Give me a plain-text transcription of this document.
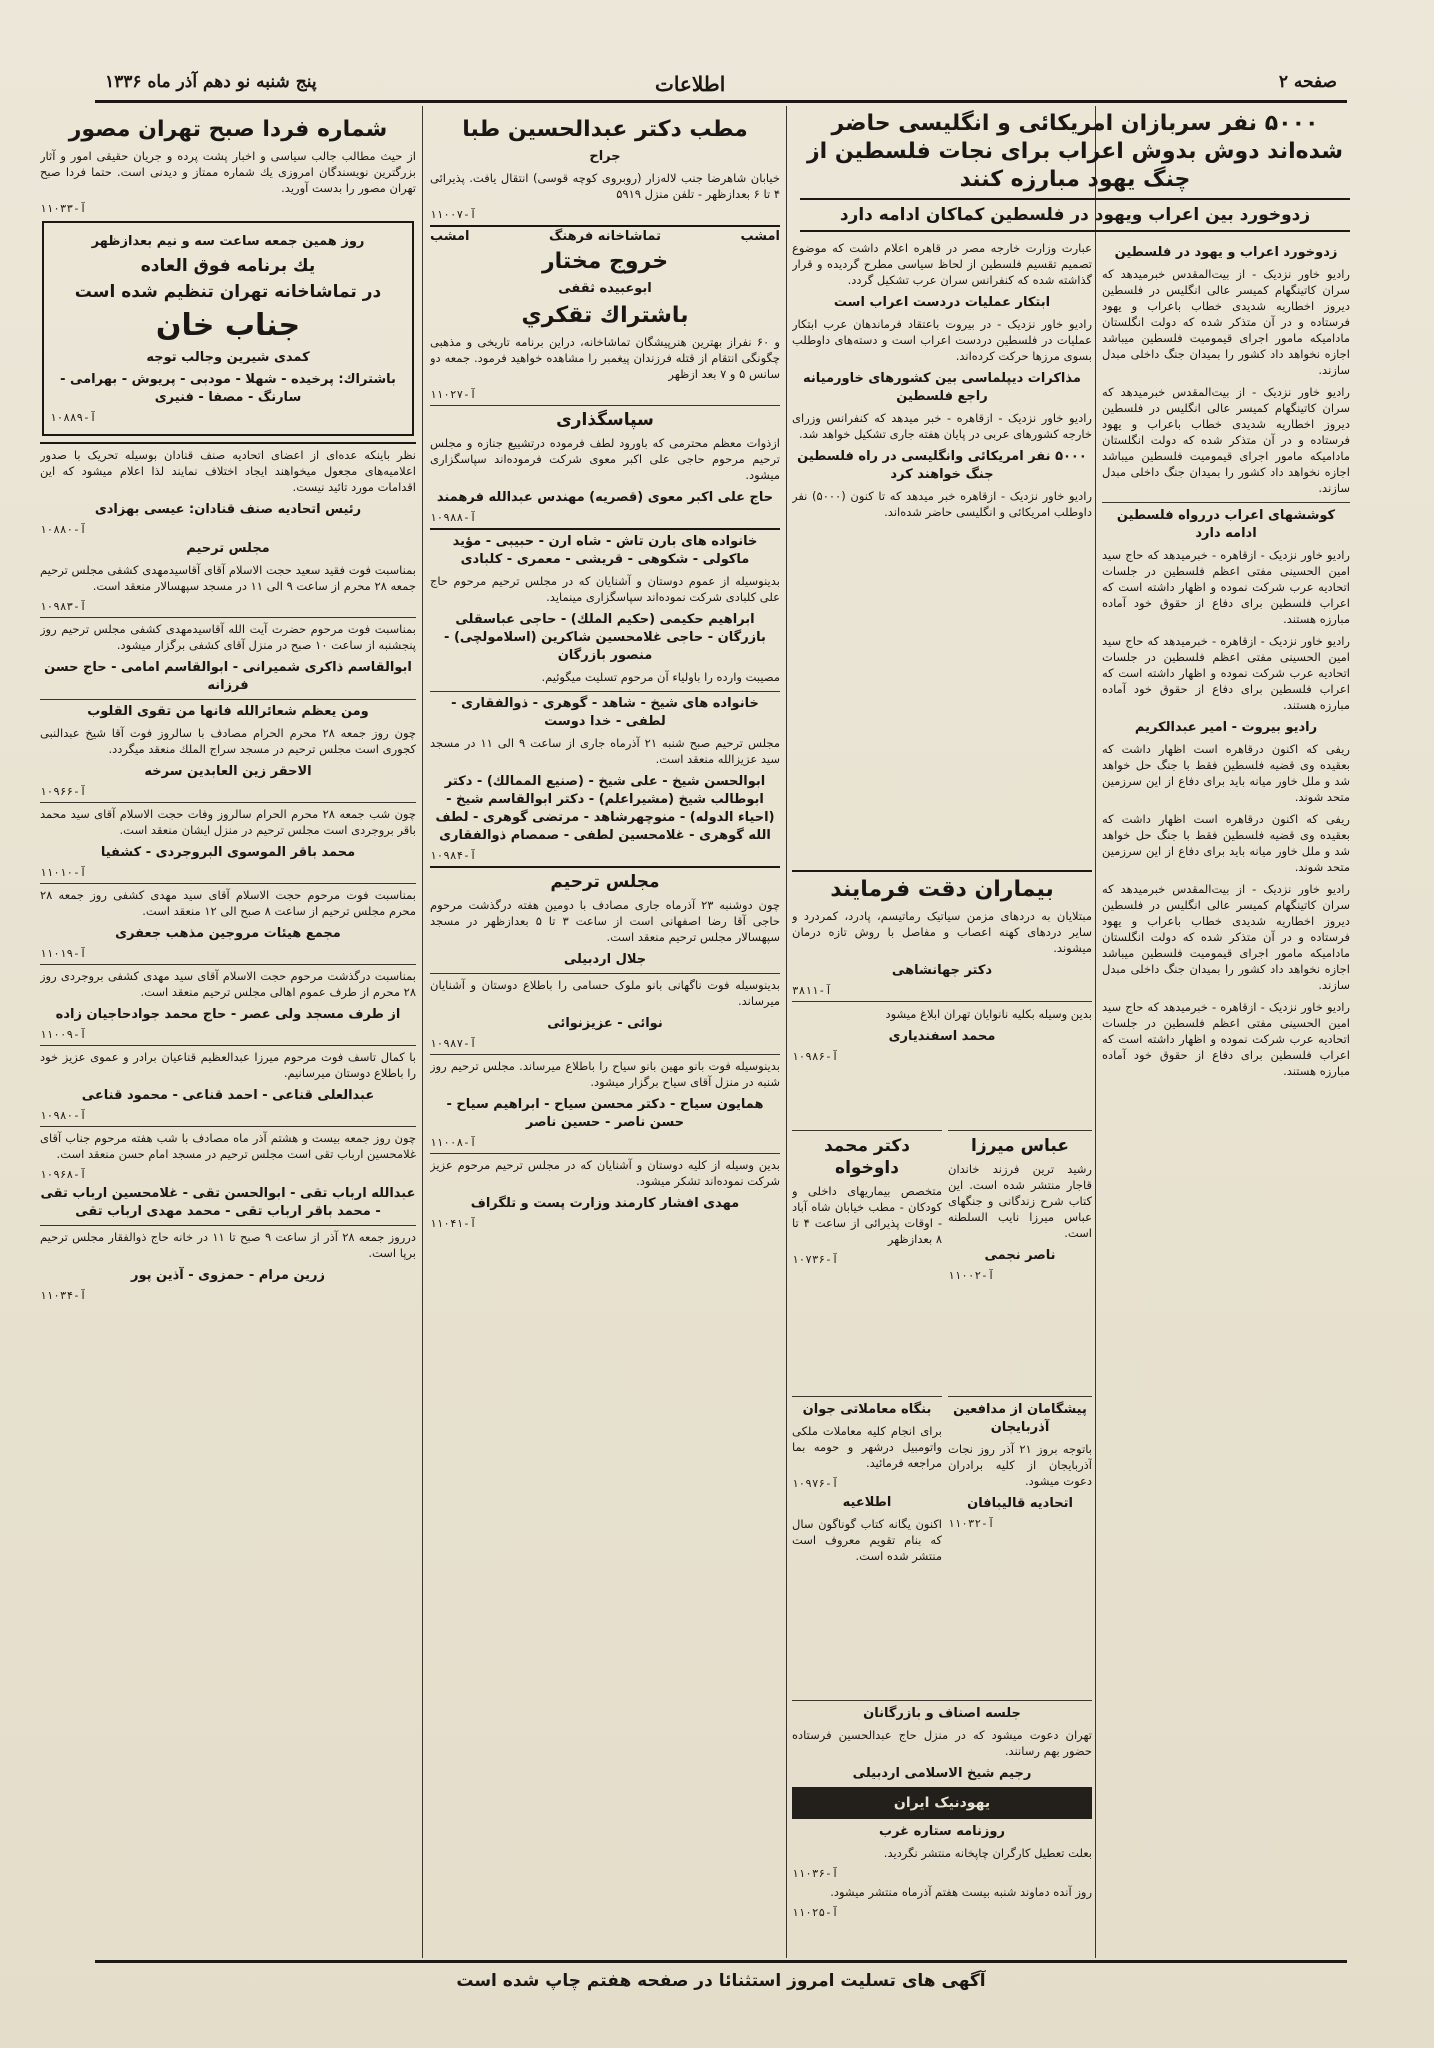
صفحه ۲
اطلاعات
پنج شنبه نو دهم آذر ماه ۱۳۳۶
۵۰۰۰ نفر سربازان امریکائی و انگلیسی حاضر شده‌اند دوش بدوش اعراب برای نجات فلسطین از چنگ یهود مبارزه کنند
زدوخورد بین اعراب ویهود در فلسطین کماکان ادامه دارد
زدوخورد اعراب و یهود در فلسطین

رادیو خاور نزدیک - از بیت‌المقدس خبرمیدهد که سران کاتینگهام کمیسر عالی انگلیس در فلسطین دیروز اخطاریه شدیدی خطاب باعراب و یهود فرستاده و در آن متذکر شده که دولت انگلستان مادامیکه مامور اجرای قیمومیت فلسطین میباشد اجازه نخواهد داد کشور را بمیدان جنگ داخلی مبدل سازند.

رادیو خاور نزدیک - از بیت‌المقدس خبرمیدهد که سران کاتینگهام کمیسر عالی انگلیس در فلسطین دیروز اخطاریه شدیدی خطاب باعراب و یهود فرستاده و در آن متذکر شده که دولت انگلستان مادامیکه مامور اجرای قیمومیت فلسطین میباشد اجازه نخواهد داد کشور را بمیدان جنگ داخلی مبدل سازند.

کوششهای اعراب دررواه فلسطین ادامه دارد

رادیو خاور نزدیک - ازقاهره - خبرمیدهد که حاج سید امین الحسینی مفتی اعظم فلسطین در جلسات اتحادیه عرب شرکت نموده و اظهار داشته است که اعراب فلسطین برای دفاع از حقوق خود آماده مبارزه هستند.

رادیو خاور نزدیک - ازقاهره - خبرمیدهد که حاج سید امین الحسینی مفتی اعظم فلسطین در جلسات اتحادیه عرب شرکت نموده و اظهار داشته است که اعراب فلسطین برای دفاع از حقوق خود آماده مبارزه هستند.

رادیو بیروت - امیر عبدالکریم

ریفی که اکنون درقاهره است اظهار داشت که بعقیده وی قضیه فلسطین فقط با جنگ حل خواهد شد و ملل خاور میانه باید برای دفاع از این سرزمین متحد شوند.

ریفی که اکنون درقاهره است اظهار داشت که بعقیده وی قضیه فلسطین فقط با جنگ حل خواهد شد و ملل خاور میانه باید برای دفاع از این سرزمین متحد شوند.

رادیو خاور نزدیک - از بیت‌المقدس خبرمیدهد که سران کاتینگهام کمیسر عالی انگلیس در فلسطین دیروز اخطاریه شدیدی خطاب باعراب و یهود فرستاده و در آن متذکر شده که دولت انگلستان مادامیکه مامور اجرای قیمومیت فلسطین میباشد اجازه نخواهد داد کشور را بمیدان جنگ داخلی مبدل سازند.

رادیو خاور نزدیک - ازقاهره - خبرمیدهد که حاج سید امین الحسینی مفتی اعظم فلسطین در جلسات اتحادیه عرب شرکت نموده و اظهار داشته است که اعراب فلسطین برای دفاع از حقوق خود آماده مبارزه هستند.

عبارت وزارت خارجه مصر در قاهره اعلام داشت که موضوع تصمیم تقسیم فلسطین از لحاظ سیاسی مطرح گردیده و قرار گذاشته شده که کنفرانس سران عرب تشکیل گردد.

ابتکار عملیات دردست اعراب است

رادیو خاور نزدیک - در بیروت باعتقاد فرماندهان عرب ابتکار عملیات در فلسطین دردست اعراب است و دسته‌های داوطلب بسوی مرزها حرکت کرده‌اند.

مذاکرات دیپلماسی بین کشورهای خاورمیانه راجع فلسطین

رادیو خاور نزدیک - ازقاهره - خبر میدهد که کنفرانس وزرای خارجه کشورهای عربی در پایان هفته جاری تشکیل خواهد شد.

۵۰۰۰ نفر امریکائی وانگلیسی در راه فلسطین جنگ خواهند کرد

رادیو خاور نزدیک - ازقاهره خبر میدهد که تا کنون (۵۰۰۰) نفر داوطلب امریکائی و انگلیسی حاضر شده‌اند.

بیماران دقت فرمایند

مبتلایان به دردهای مزمن سیاتیک رماتیسم، پادرد، کمردرد و سایر دردهای کهنه اعصاب و مفاصل با روش تازه درمان میشوند.

دکتر جهانشاهی

۳۸۱۱-آ

بدین وسیله بکلیه نانوایان تهران ابلاغ میشود

محمد اسفندیاری

آ-۱۰۹۸۶

دکتر محمد داوخواه

متخصص بیماریهای داخلی و کودکان - مطب خیابان شاه آباد - اوقات پذیرائی از ساعت ۴ تا ۸ بعدازظهر

آ-۱۰۷۳۶

عباس میرزا

رشید ترین فرزند خاندان قاجار منتشر شده است. این کتاب شرح زندگانی و جنگهای عباس میرزا نایب السلطنه است.

ناصر نجمی

آ-۱۱۰۰۲

بنگاه معاملاتی جوان

برای انجام کلیه معاملات ملکی واتومبیل درشهر و حومه بما مراجعه فرمائید.

آ-۱۰۹۷۶

اطلاعیه

اکنون یگانه کتاب گوناگون سال که بنام تقویم معروف است منتشر شده است.

پیشگامان از مدافعین آذربایجان

باتوجه بروز ۲۱ آذر روز نجات آذربایجان از کلیه برادران دعوت میشود.

اتحادیه قالیبافان

آ-۱۱۰۳۲

جلسه اصناف و بازرگانان

تهران دعوت میشود که در منزل حاج عبدالحسین فرستاده حضور بهم رسانند.

رجیم شیخ الاسلامی اردبیلی
یهودنیک ایران
روزنامه ستاره غرب

بعلت تعطیل کارگران چاپخانه منتشر نگردید.

آ-۱۱۰۳۶

روز آنده دماوند شنبه بیست هفتم آذرماه منتشر میشود.

آ-۱۱۰۲۵

مطب دکتر عبدالحسین طبا
جراح

خیابان شاهرضا جنب لاله‌زار (روبروی کوچه قوسی) انتقال یافت. پذیرائی ۴ تا ۶ بعدازظهر - تلفن منزل ۵۹۱۹

آ-۱۱۰۰۷

امشب
تماشاخانه فرهنگ
امشب
خروج مختار
ابوعبیده ثقفی
باشتراك تقكري

و ۶۰ نفراز بهترین هنرپیشگان تماشاخانه، دراین برنامه تاریخی و مذهبی چگونگی انتقام از قتله فرزندان پیغمبر را مشاهده خواهید فرمود. جمعه دو سانس ۵ و ۷ بعد ازظهر

آ-۱۱۰۲۷

سپاسگذاری

ازذوات معظم محترمی که باورود لطف فرموده درتشییع جنازه و مجلس ترحیم مرحوم حاجی علی اکبر معوی شرکت فرموده‌اند سپاسگزاری میشود.

حاج علی اکبر معوی (قصریه) مهندس عبدالله فرهمند

آ-۱۰۹۸۸

خانواده های بارن تاش - شاه ارن - حبیبی - مؤید ماکولی - شکوهی - قریشی - معمری - کلبادی

بدینوسیله از عموم دوستان و آشنایان که در مجلس ترحیم مرحوم حاج علی کلبادی شرکت نموده‌اند سپاسگزاری مینماید.

ابراهیم حکیمی (حکیم الملك) - حاجی عباسقلی بازرگان - حاجی غلامحسین شاکرین (اسلامولچی) - منصور بازرگان

مصیبت وارده را باولیاء آن مرحوم تسلیت میگوئیم.

خانواده های شیخ - شاهد - گوهری - ذوالفقاری - لطفی - خدا دوست

مجلس ترحیم صبح شنبه ۲۱ آذرماه جاری از ساعت ۹ الی ۱۱ در مسجد سید عزیزالله منعقد است.

ابوالحسن شیخ - علی شیخ - (صنیع الممالك) - دکتر ابوطالب شیخ (مشیراعلم) - دکتر ابوالقاسم شیخ - (احیاء الدوله) - منوچهرشاهد - مرتضی گوهری - لطف الله گوهری - غلامحسین لطفی - صمصام ذوالفقاری

آ-۱۰۹۸۴

مجلس ترحیم

چون دوشنبه ۲۳ آذرماه جاری مصادف با دومین هفته درگذشت مرحوم حاجی آقا رضا اصفهانی است از ساعت ۳ تا ۵ بعدازظهر در مسجد سپهسالار مجلس ترحیم منعقد است.

جلال اردبیلی

بدینوسیله فوت ناگهانی بانو ملوک حسامی را باطلاع دوستان و آشنایان میرساند.

نوائی - عزیزنوائی

آ-۱۰۹۸۷

بدینوسیله فوت بانو مهین بانو سیاح را باطلاع میرساند. مجلس ترحیم روز شنبه در منزل آقای سیاح برگزار میشود.

همایون سیاح - دکتر محسن سیاح - ابراهیم سیاح - حسن ناصر - حسین ناصر

آ-۱۱۰۰۸

بدین وسیله از کلیه دوستان و آشنایان که در مجلس ترحیم مرحوم عزیز شرکت نموده‌اند تشکر میشود.

مهدی افشار کارمند وزارت پست و تلگراف

آ-۱۱۰۴۱

شماره فردا صبح تهران مصور

از حیث مطالب جالب سیاسی و اخبار پشت پرده و جریان حقیقی امور و آثار بزرگترین نویسندگان امروزی یك شماره ممتاز و دیدنی است. حتما فردا صبح تهران مصور را بدست آورید.

آ-۱۱۰۳۳

روز همین جمعه ساعت سه و نیم بعدازظهر
یك برنامه فوق العاده
در تماشاخانه تهران تنظیم شده است
جناب خان
کمدی شیرین وجالب توجه
باشتراك: پرخیده - شهلا - مودبی - پریوش - بهرامی - سارنگ - مصفا - فنیری

آ-۱۰۸۸۹

نظر باینکه عده‌ای از اعضای اتحادیه صنف قنادان بوسیله تحریک با صدور اعلامیه‌های مجعول میخواهند ایجاد اختلاف نمایند لذا اعلام میشود که این اقدامات مورد تائید نیست.

رئیس اتحادیه صنف قنادان: عیسی بهزادی

آ-۱۰۸۸۰

مجلس ترحیم

بمناسبت فوت فقید سعید حجت الاسلام آقای آقاسیدمهدی کشفی مجلس ترحیم جمعه ۲۸ محرم از ساعت ۹ الی ۱۱ در مسجد سپهسالار منعقد است.

آ-۱۰۹۸۳

بمناسبت فوت مرحوم حضرت آیت الله آقاسیدمهدی کشفی مجلس ترحیم روز پنجشنبه از ساعت ۱۰ صبح در منزل آقای کشفی برگزار میشود.

ابوالقاسم ذاکری شمیرانی - ابوالقاسم امامی - حاج حسن فرزانه
ومن یعظم شعائرالله فانها من تقوی القلوب

چون روز جمعه ۲۸ محرم الحرام مصادف با سالروز فوت آقا شیخ عبدالنبی کجوری است مجلس ترحیم در مسجد سراج الملك منعقد میگردد.

الاحقر زین العابدین سرخه

آ-۱۰۹۶۶

چون شب جمعه ۲۸ محرم الحرام سالروز وفات حجت الاسلام آقای سید محمد باقر بروجردی است مجلس ترحیم در منزل ایشان منعقد است.

محمد باقر الموسوی البروجردی - کشفیا

آ-۱۱۰۱۰

بمناسبت فوت مرحوم حجت الاسلام آقای سید مهدی کشفی روز جمعه ۲۸ محرم مجلس ترحیم از ساعت ۸ صبح الی ۱۲ منعقد است.

مجمع هیئات مروجین مذهب جعفری

آ-۱۱۰۱۹

بمناسبت درگذشت مرحوم حجت الاسلام آقای سید مهدی کشفی بروجردی روز ۲۸ محرم از طرف عموم اهالی مجلس ترحیم منعقد است.

از طرف مسجد ولی عصر - حاج محمد جوادحاجیان زاده

آ-۱۱۰۰۹

با کمال تاسف فوت مرحوم میرزا عبدالعظیم قناعیان برادر و عموی عزیز خود را باطلاع دوستان میرسانیم.

عبدالعلی قناعی - احمد قناعی - محمود قناعی

آ-۱۰۹۸۰

چون روز جمعه بیست و هشتم آذر ماه مصادف با شب هفته مرحوم جناب آقای غلامحسین ارباب تقی است مجلس ترحیم در مسجد امام حسن منعقد است.

آ-۱۰۹۶۸

عبدالله ارباب تقی - ابوالحسن تقی - غلامحسین ارباب تقی - محمد باقر ارباب تقی - محمد مهدی ارباب تقی

درروز جمعه ۲۸ آذر از ساعت ۹ صبح تا ۱۱ در خانه حاج ذوالفقار مجلس ترحیم برپا است.

زرین مرام - حمزوی - آذین پور

آ-۱۱۰۳۴

آگهی های تسلیت امروز استثنائا در صفحه هفتم چاپ شده است
